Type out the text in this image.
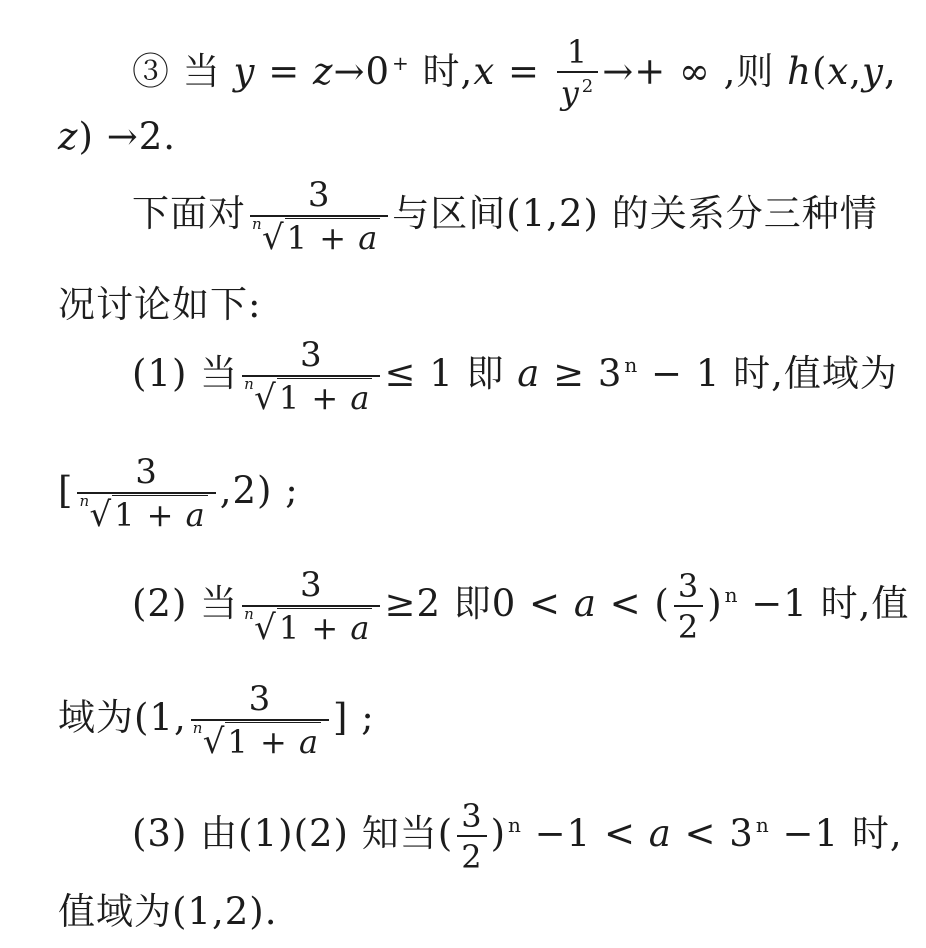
③ 当 y = z→0 + 时$,x = \frac{1}{y ^2}$ →+ ∞ ,则 h(x,y,
z) →2.
下面对 $\frac{3}{n √1 + a}$ 与区间(1,2) 的关系分三种情
况讨论如下:
(1) 当 $\frac{3}{n √1 + a} \le 1$ 即 a ≥ 3 $^n$ − 1 时,值域为
[ $\frac{3}{n √1 + a} ,2$) ;
(2) 当 $\frac{3}{n √1 + a} \ge 2$ 即0 < a < ( $\frac{3}{2}$ ) $^n$ −1 时,值
域为(1, $\frac{3}{n √1 + a}$ ] ;
(3) 由(1)(2) 知当( $\frac{3}{2}$ ) $^n$ −1 < a < 3 $^n$ −1 时,
值域为(1,2).
